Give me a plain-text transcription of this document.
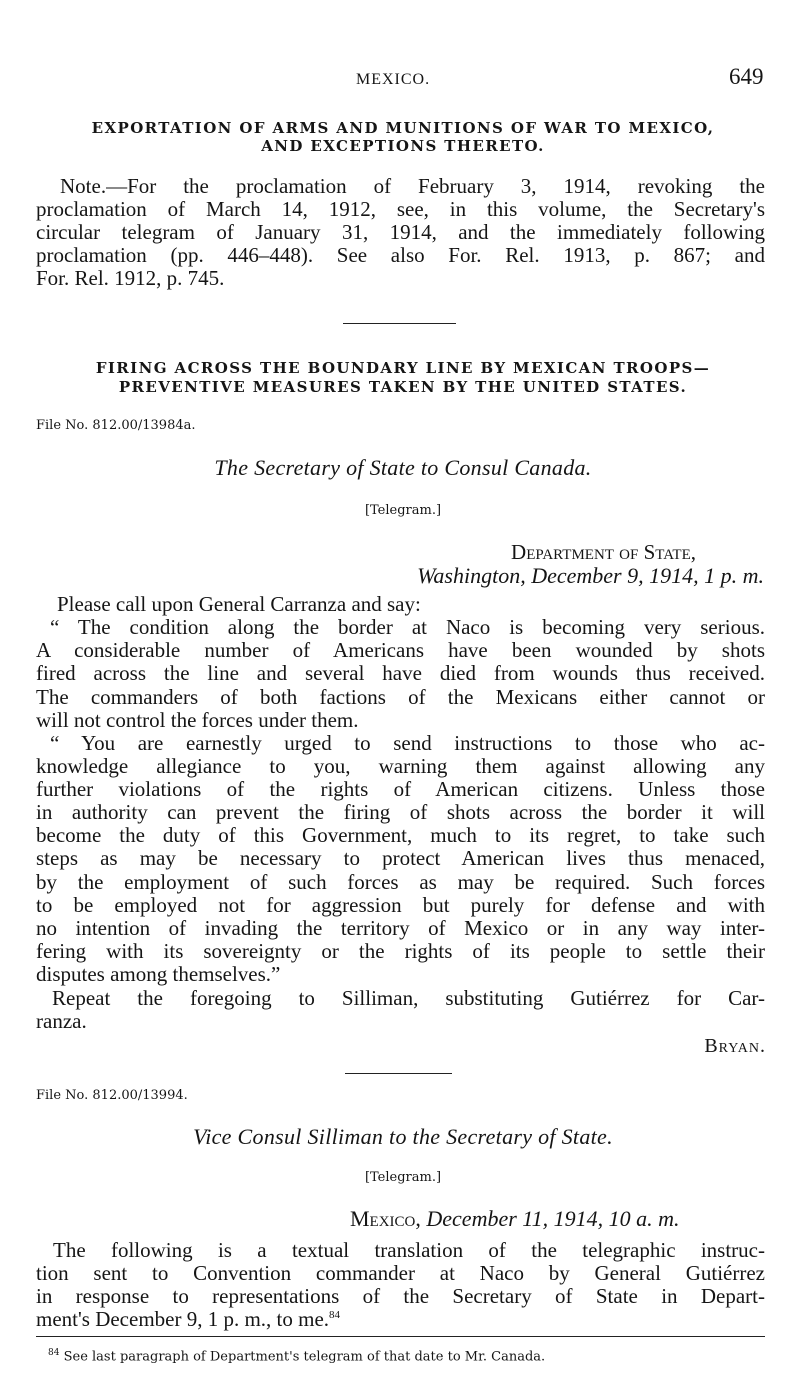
MEXICO.	649
EXPORTATION OF ARMS AND MUNITIONS OF WAR TO MEXICO,
AND EXCEPTIONS THERETO.
Note.—For the proclamation of February 3, 1914, revoking the
proclamation of March 14, 1912, see, in this volume, the Secretary's
circular telegram of January 31, 1914, and the immediately following
proclamation (pp. 446–448). See also For. Rel. 1913, p. 867; and
For. Rel. 1912, p. 745.
FIRING ACROSS THE BOUNDARY LINE BY MEXICAN TROOPS—
PREVENTIVE MEASURES TAKEN BY THE UNITED STATES.
File No. 812.00/13984a.
The Secretary of State to Consul Canada.
[Telegram.]
Department of State,
Washington, December 9, 1914, 1 p. m.
Please call upon General Carranza and say:
“ The condition along the border at Naco is becoming very serious.
A considerable number of Americans have been wounded by shots
fired across the line and several have died from wounds thus received.
The commanders of both factions of the Mexicans either cannot or
will not control the forces under them.
“ You are earnestly urged to send instructions to those who ac-
knowledge allegiance to you, warning them against allowing any
further violations of the rights of American citizens. Unless those
in authority can prevent the firing of shots across the border it will
become the duty of this Government, much to its regret, to take such
steps as may be necessary to protect American lives thus menaced,
by the employment of such forces as may be required. Such forces
to be employed not for aggression but purely for defense and with
no intention of invading the territory of Mexico or in any way inter-
fering with its sovereignty or the rights of its people to settle their
disputes among themselves.”
Repeat the foregoing to Silliman, substituting Gutiérrez for Car-
ranza.
Bryan.
File No. 812.00/13994.
Vice Consul Silliman to the Secretary of State.
[Telegram.]
Mexico, December 11, 1914, 10 a. m.
The following is a textual translation of the telegraphic instruc-
tion sent to Convention commander at Naco by General Gutiérrez
in response to representations of the Secretary of State in Depart-
ment's December 9, 1 p. m., to me.$^{84}$
$^{84}$ See last paragraph of Department's telegram of that date to Mr. Canada.
